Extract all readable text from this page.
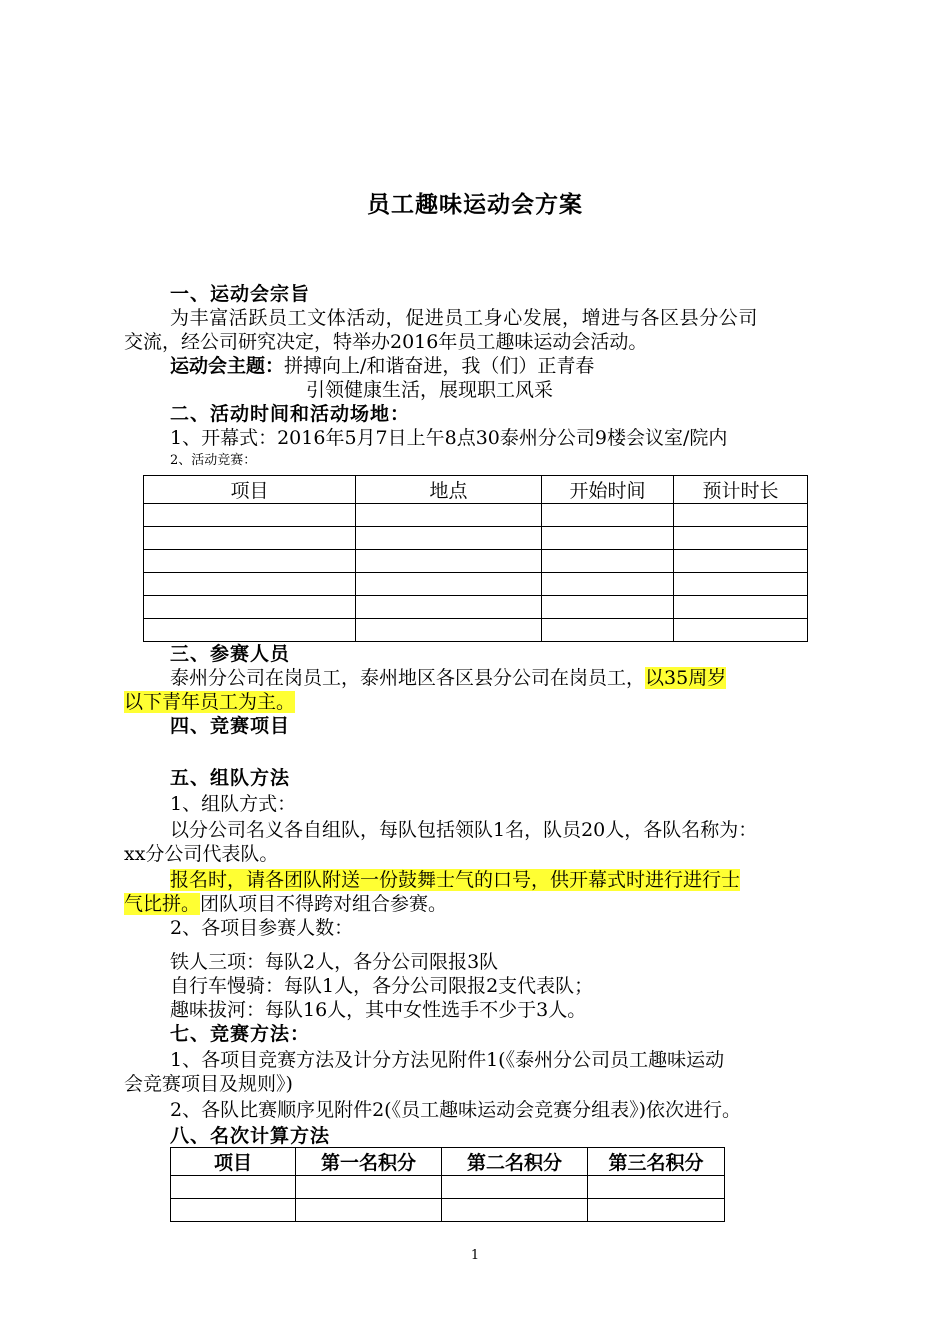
员工趣味运动会方案
一、运动会宗旨
为丰富活跃员工文体活动，促进员工身心发展，增进与各区县分公司
交流，经公司研究决定，特举办2016年员工趣味运动会活动。
运动会主题：拼搏向上/和谐奋进，我（们）正青春
引领健康生活，展现职工风采
二、活动时间和活动场地：
1、开幕式：2016年5月7日上午8点30泰州分公司9楼会议室/院内
2、活动竞赛：
项目	地点	开始时间	预计时长

三、参赛人员
泰州分公司在岗员工，泰州地区各区县分公司在岗员工，以35周岁
以下青年员工为主。
四、竞赛项目
五、组队方法
1、组队方式：
以分公司名义各自组队，每队包括领队1名，队员20人，各队名称为：
xx分公司代表队。
报名时，请各团队附送一份鼓舞士气的口号，供开幕式时进行进行士
气比拼。团队项目不得跨对组合参赛。
2、各项目参赛人数：
铁人三项：每队2人，各分公司限报3队
自行车慢骑：每队1人，各分公司限报2支代表队；
趣味拔河：每队16人，其中女性选手不少于3人。
七、竞赛方法：
1、各项目竞赛方法及计分方法见附件1(《泰州分公司员工趣味运动
会竞赛项目及规则》)
2、各队比赛顺序见附件2(《员工趣味运动会竞赛分组表》)依次进行。
八、名次计算方法
项目	第一名积分	第二名积分	第三名积分

1
